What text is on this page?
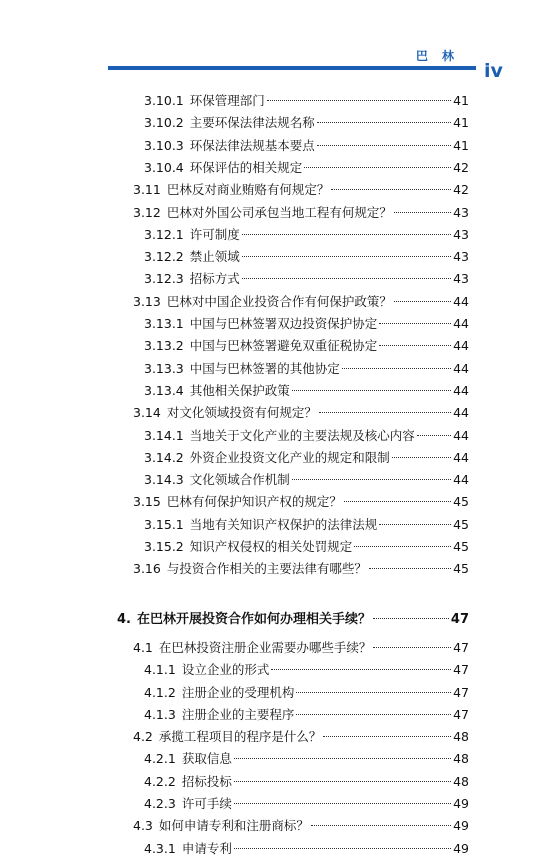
巴 林
iv
3.10.1 环保管理部门	41
3.10.2 主要环保法律法规名称	41
3.10.3 环保法律法规基本要点	41
3.10.4 环保评估的相关规定	42
3.11 巴林反对商业贿赂有何规定？	42
3.12 巴林对外国公司承包当地工程有何规定？	43
3.12.1 许可制度	43
3.12.2 禁止领域	43
3.12.3 招标方式	43
3.13 巴林对中国企业投资合作有何保护政策？	44
3.13.1 中国与巴林签署双边投资保护协定	44
3.13.2 中国与巴林签署避免双重征税协定	44
3.13.3 中国与巴林签署的其他协定	44
3.13.4 其他相关保护政策	44
3.14 对文化领域投资有何规定？	44
3.14.1 当地关于文化产业的主要法规及核心内容	44
3.14.2 外资企业投资文化产业的规定和限制	44
3.14.3 文化领域合作机制	44
3.15 巴林有何保护知识产权的规定？	45
3.15.1 当地有关知识产权保护的法律法规	45
3.15.2 知识产权侵权的相关处罚规定	45
3.16 与投资合作相关的主要法律有哪些？	45
4. 在巴林开展投资合作如何办理相关手续？	47
4.1 在巴林投资注册企业需要办哪些手续？	47
4.1.1 设立企业的形式	47
4.1.2 注册企业的受理机构	47
4.1.3 注册企业的主要程序	47
4.2 承揽工程项目的程序是什么？	48
4.2.1 获取信息	48
4.2.2 招标投标	48
4.2.3 许可手续	49
4.3 如何申请专利和注册商标？	49
4.3.1 申请专利	49
